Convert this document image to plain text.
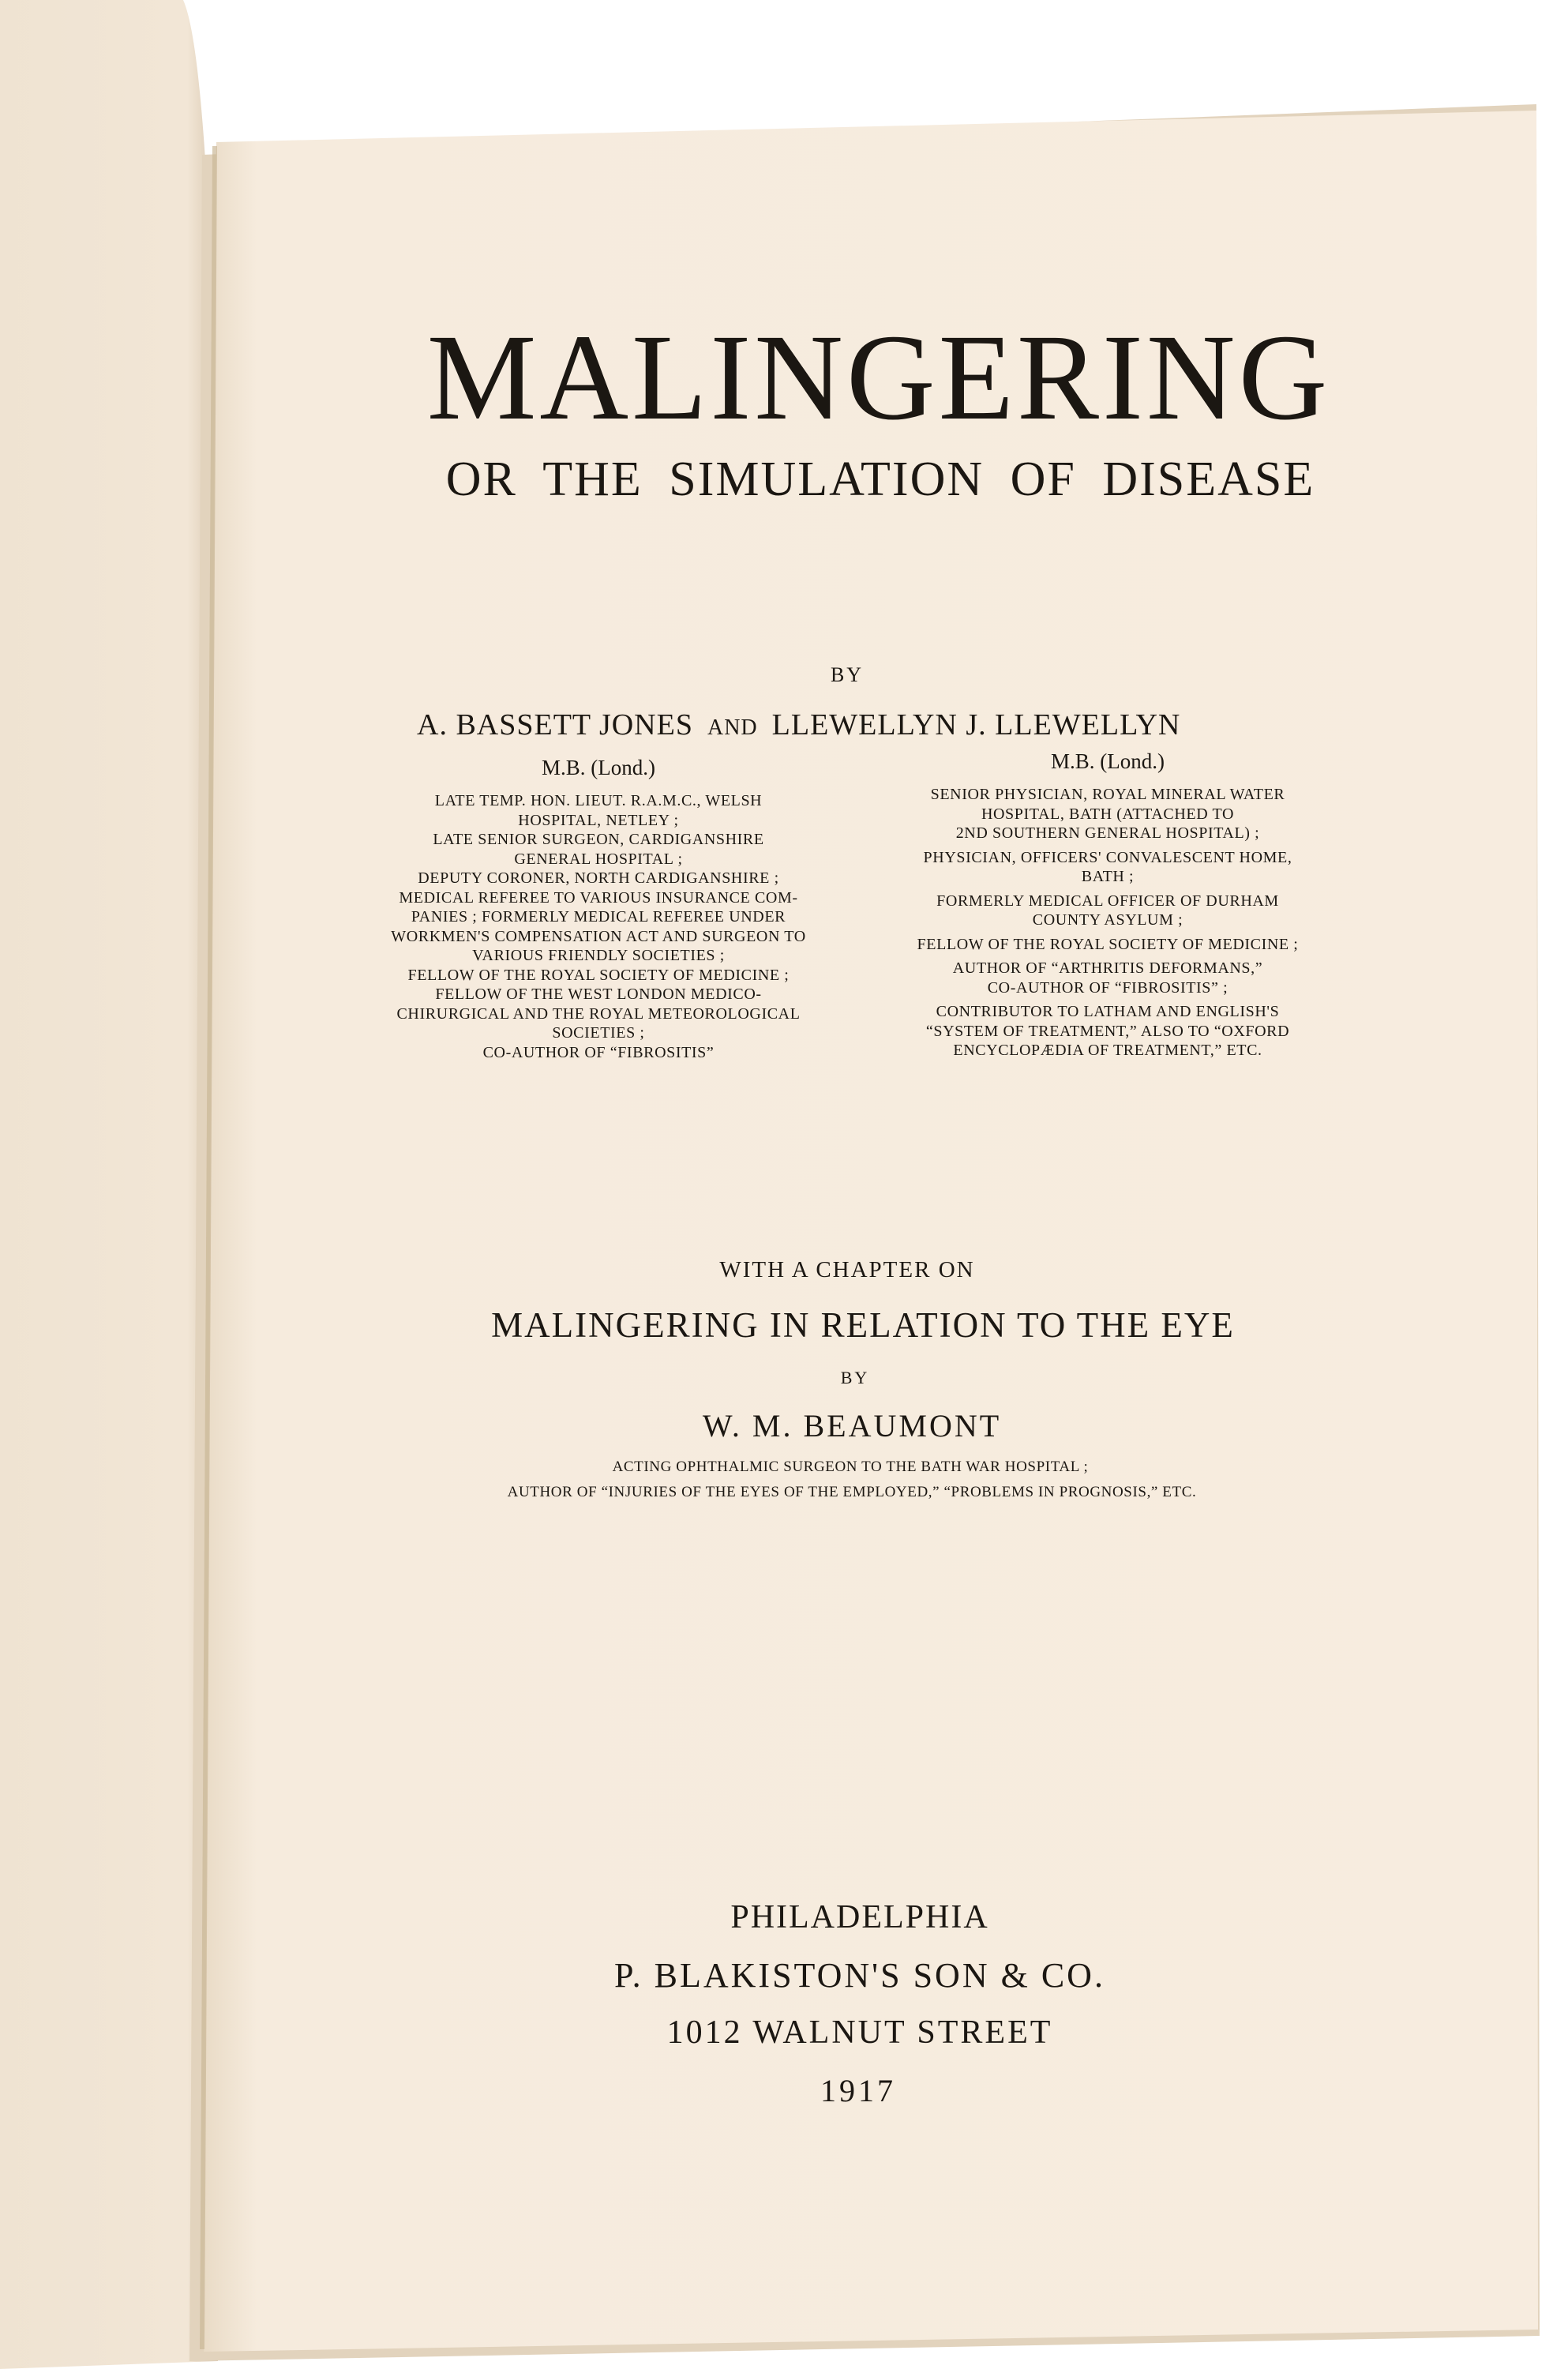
MALINGERING
OR THE SIMULATION OF DISEASE
BY
A. BASSETT JONES AND LLEWELLYN J. LLEWELLYN
M.B. (Lond.)
LATE TEMP. HON. LIEUT. R.A.M.C., WELSH
HOSPITAL, NETLEY ;
LATE SENIOR SURGEON, CARDIGANSHIRE
GENERAL HOSPITAL ;
DEPUTY CORONER, NORTH CARDIGANSHIRE ;
MEDICAL REFEREE TO VARIOUS INSURANCE COM-
PANIES ; FORMERLY MEDICAL REFEREE UNDER
WORKMEN'S COMPENSATION ACT AND SURGEON TO
VARIOUS FRIENDLY SOCIETIES ;
FELLOW OF THE ROYAL SOCIETY OF MEDICINE ;
FELLOW OF THE WEST LONDON MEDICO-
CHIRURGICAL AND THE ROYAL METEOROLOGICAL
SOCIETIES ;
CO-AUTHOR OF “FIBROSITIS”
M.B. (Lond.)
SENIOR PHYSICIAN, ROYAL MINERAL WATER
HOSPITAL, BATH (ATTACHED TO
2ND SOUTHERN GENERAL HOSPITAL) ;
PHYSICIAN, OFFICERS' CONVALESCENT HOME,
BATH ;
FORMERLY MEDICAL OFFICER OF DURHAM
COUNTY ASYLUM ;
FELLOW OF THE ROYAL SOCIETY OF MEDICINE ;
AUTHOR OF “ARTHRITIS DEFORMANS,”
CO-AUTHOR OF “FIBROSITIS” ;
CONTRIBUTOR TO LATHAM AND ENGLISH'S
“SYSTEM OF TREATMENT,” ALSO TO “OXFORD
ENCYCLOPÆDIA OF TREATMENT,” ETC.
WITH A CHAPTER ON
MALINGERING IN RELATION TO THE EYE
BY
W. M. BEAUMONT
ACTING OPHTHALMIC SURGEON TO THE BATH WAR HOSPITAL ;
AUTHOR OF “INJURIES OF THE EYES OF THE EMPLOYED,” “PROBLEMS IN PROGNOSIS,” ETC.
PHILADELPHIA
P. BLAKISTON'S SON & CO.
1012 WALNUT STREET
1917
